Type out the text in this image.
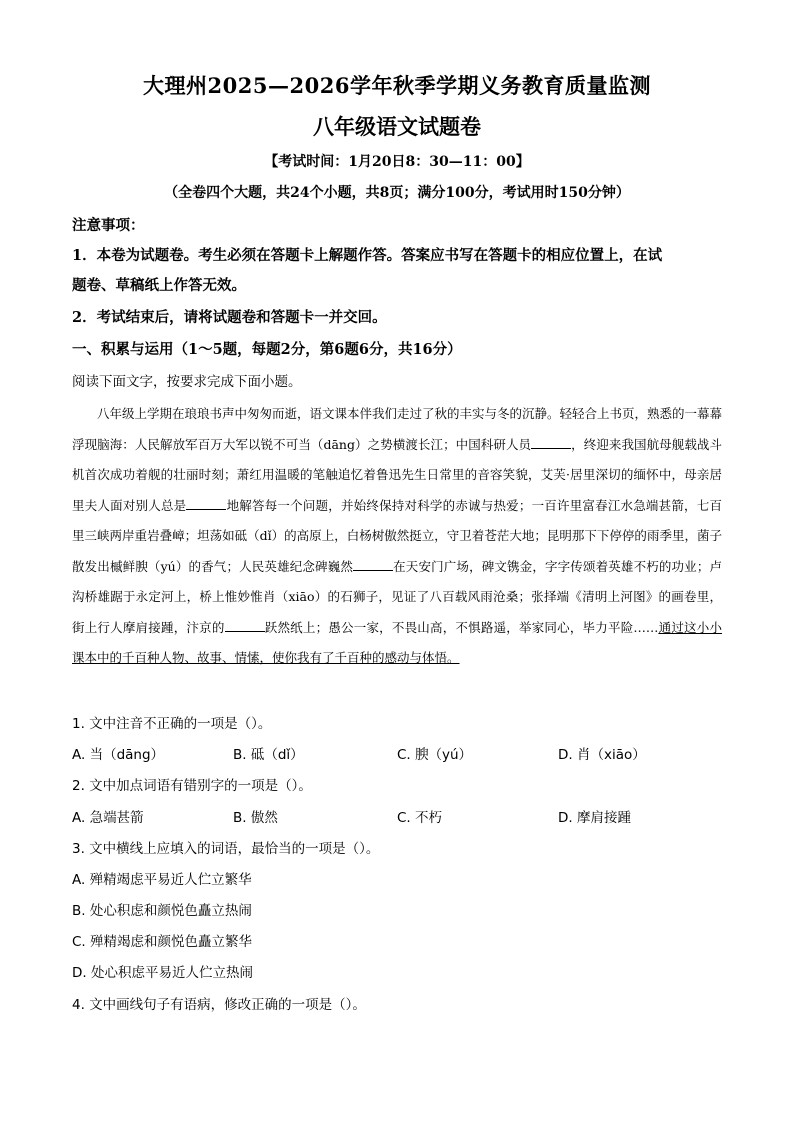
大理州2025—2026学年秋季学期义务教育质量监测
八年级语文试题卷
【考试时间：1月20日8：30—11：00】
（全卷四个大题，共24个小题，共8页；满分100分，考试用时150分钟）
注意事项：
1．本卷为试题卷。考生必须在答题卡上解题作答。答案应书写在答题卡的相应位置上，在试
题卷、草稿纸上作答无效。
2．考试结束后，请将试题卷和答题卡一并交回。
一、积累与运用（1～5题，每题2分，第6题6分，共16分）
阅读下面文字，按要求完成下面小题。

八年级上学期在琅琅书声中匆匆而逝，语文课本伴我们走过了秋的丰实与冬的沉静。轻轻合上书页，熟悉的一幕幕浮现脑海：人民解放军百万大军以锐不可当（dāng）之势横渡长江；中国科研人员	，终迎来我国航母舰载战斗机首次成功着舰的壮丽时刻；萧红用温暖的笔触追忆着鲁迅先生日常里的音容笑貌，艾芙·居里深切的缅怀中，母亲居里夫人面对别人总是	地解答每一个问题，并始终保持对科学的赤诚与热爱；一百许里富春江水急端甚箭，七百里三峡两岸重岩叠嶂；坦荡如砥（dǐ）的高原上，白杨树傲然挺立，守卫着苍茫大地；昆明那下下停停的雨季里，菌子散发出槭鲜腴（yú）的香气；人民英雄纪念碑巍然	在天安门广场，碑文镌金，字字传颂着英雄不朽的功业；卢沟桥雄踞于永定河上，桥上惟妙惟肖（xiāo）的石狮子，见证了八百载风雨沧桑；张择端《清明上河图》的画卷里，街上行人摩肩接踵，汴京的	跃然纸上；愚公一家，不畏山高，不惧路遥，举家同心，毕力平险……通过这小小课本中的千百种人物、故事、情愫，使你我有了千百种的感动与体悟。

1. 文中注音不正确的一项是（）。
A. 当（dāng）	B. 砥（dǐ）	C. 腴（yú）	D. 肖（xiāo）
2. 文中加点词语有错别字的一项是（）。
A. 急端甚箭	B. 傲然	C. 不朽	D. 摩肩接踵
3. 文中横线上应填入的词语，最恰当的一项是（）。
A. 殚精竭虑平易近人伫立繁华
B. 处心积虑和颜悦色矗立热闹
C. 殚精竭虑和颜悦色矗立繁华
D. 处心积虑平易近人伫立热闹
4. 文中画线句子有语病，修改正确的一项是（）。
